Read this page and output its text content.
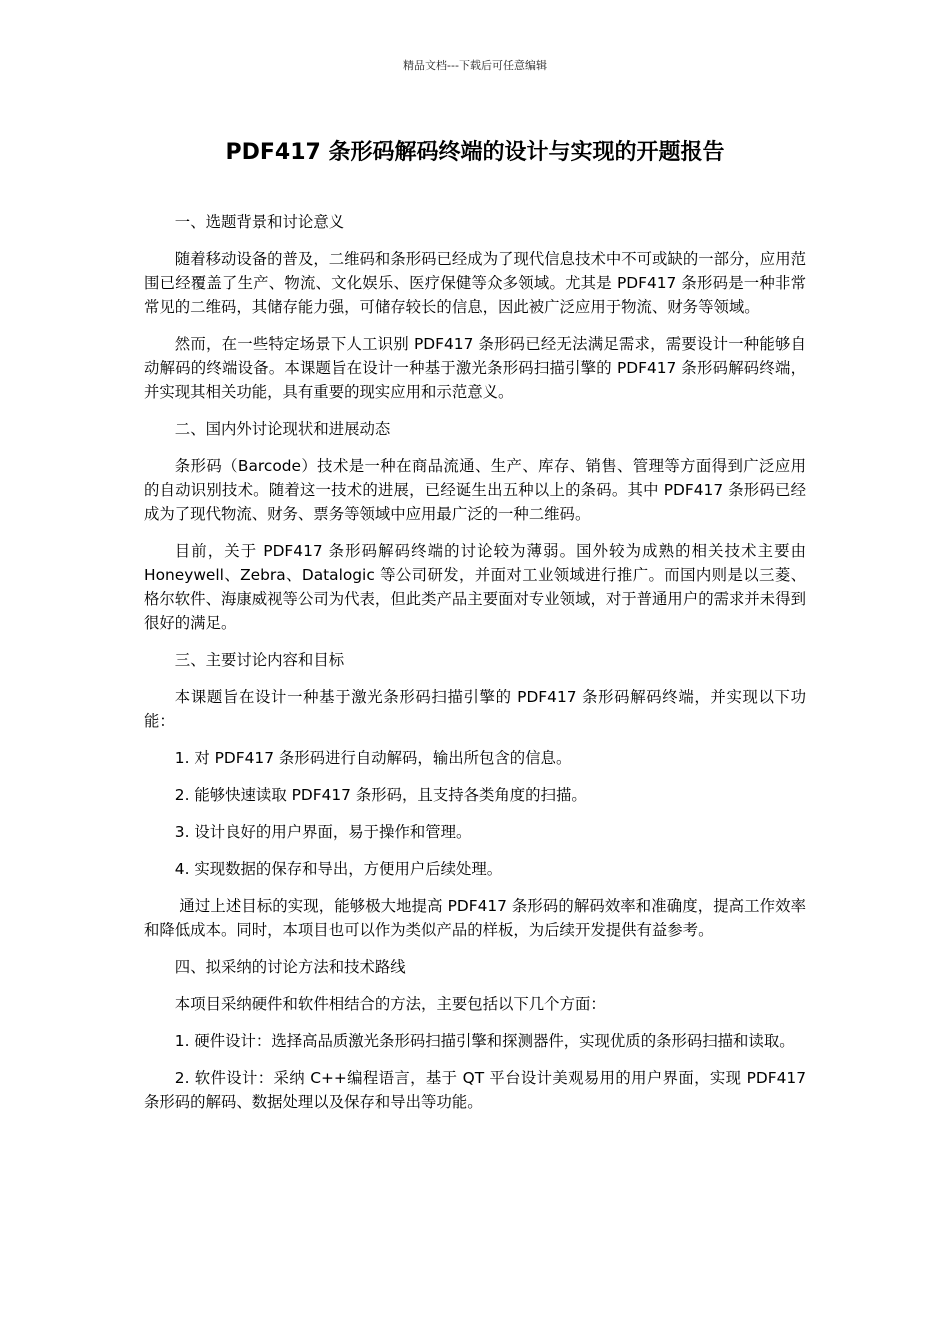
精品文档---下载后可任意编辑
PDF417 条形码解码终端的设计与实现的开题报告

一、选题背景和讨论意义

随着移动设备的普及，二维码和条形码已经成为了现代信息技术中不可或缺的一部分，应用范围已经覆盖了生产、物流、文化娱乐、医疗保健等众多领域。尤其是 PDF417 条形码是一种非常常见的二维码，其储存能力强，可储存较长的信息，因此被广泛应用于物流、财务等领域。

然而，在一些特定场景下人工识别 PDF417 条形码已经无法满足需求，需要设计一种能够自动解码的终端设备。本课题旨在设计一种基于激光条形码扫描引擎的 PDF417 条形码解码终端，并实现其相关功能，具有重要的现实应用和示范意义。

二、国内外讨论现状和进展动态

条形码（Barcode）技术是一种在商品流通、生产、库存、销售、管理等方面得到广泛应用的自动识别技术。随着这一技术的进展，已经诞生出五种以上的条码。其中 PDF417 条形码已经成为了现代物流、财务、票务等领域中应用最广泛的一种二维码。

目前，关于 PDF417 条形码解码终端的讨论较为薄弱。国外较为成熟的相关技术主要由 Honeywell、Zebra、Datalogic 等公司研发，并面对工业领域进行推广。而国内则是以三菱、格尔软件、海康威视等公司为代表，但此类产品主要面对专业领域，对于普通用户的需求并未得到很好的满足。

三、主要讨论内容和目标

本课题旨在设计一种基于激光条形码扫描引擎的 PDF417 条形码解码终端，并实现以下功能：

1. 对 PDF417 条形码进行自动解码，输出所包含的信息。

2. 能够快速读取 PDF417 条形码，且支持各类角度的扫描。

3. 设计良好的用户界面，易于操作和管理。

4. 实现数据的保存和导出，方便用户后续处理。

通过上述目标的实现，能够极大地提高 PDF417 条形码的解码效率和准确度，提高工作效率和降低成本。同时，本项目也可以作为类似产品的样板，为后续开发提供有益参考。

四、拟采纳的讨论方法和技术路线

本项目采纳硬件和软件相结合的方法，主要包括以下几个方面：

1. 硬件设计：选择高品质激光条形码扫描引擎和探测器件，实现优质的条形码扫描和读取。

2. 软件设计：采纳 C++编程语言，基于 QT 平台设计美观易用的用户界面，实现 PDF417 条形码的解码、数据处理以及保存和导出等功能。
